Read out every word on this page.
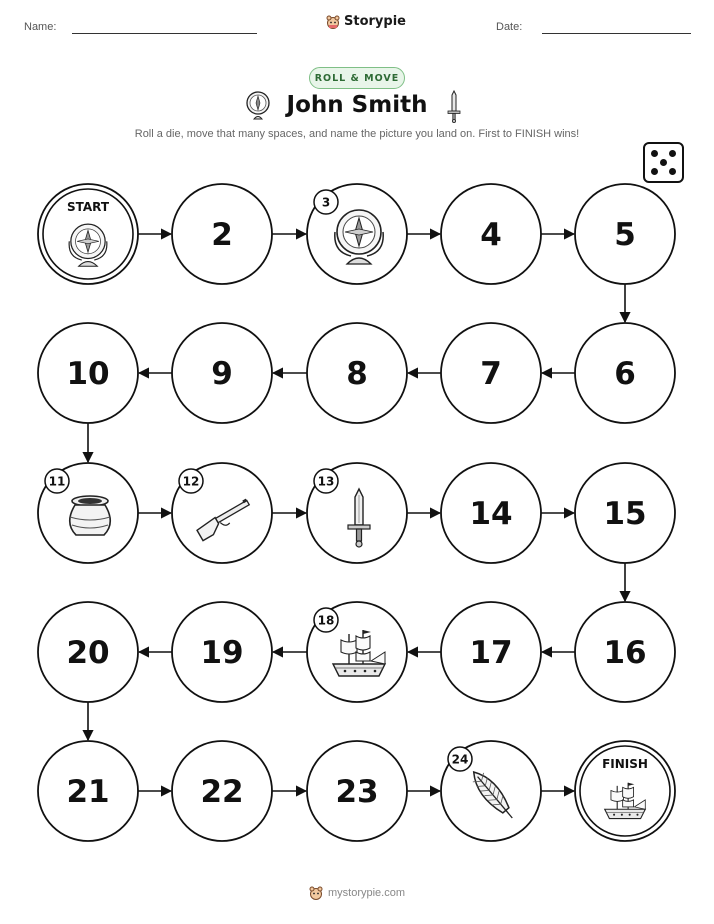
Name:	Storypie	Date:
ROLL & MOVE
John Smith
Roll a die, move that many spaces, and name the picture you land on. First to FINISH wins!
START
2
3
4	5
6
7
8
9
10
11	12	13
14	15
16
17
18
19
20
21	22	23
24	FINISH
mystorypie.com
